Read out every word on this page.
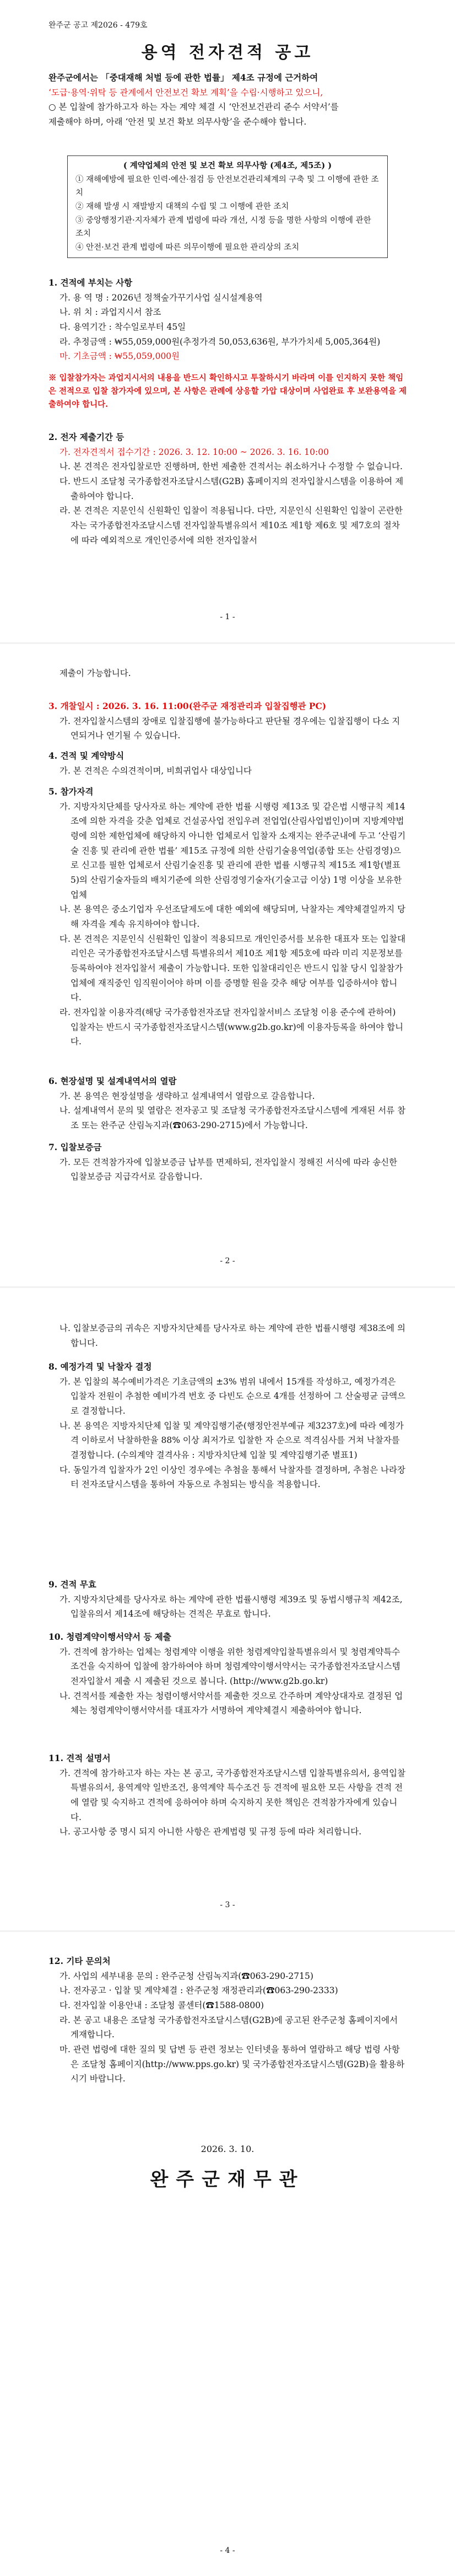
완주군 공고 제2026 - 479호
용역 전자견적 공고

완주군에서는 「중대재해 처벌 등에 관한 법률」 제4조 규정에 근거하여

‘도급·용역·위탁 등 관계에서 안전보건 확보 계획’을 수립·시행하고 있으니,

○ 본 입찰에 참가하고자 하는 자는 계약 체결 시 ‘안전보건관리 준수 서약서’를

제출해야 하며, 아래 ‘안전 및 보건 확보 의무사항’을 준수해야 합니다.

( 계약업체의 안전 및 보건 확보 의무사항 (제4조, 제5조) )
① 재해예방에 필요한 인력·예산·점검 등 안전보건관리체계의 구축 및 그 이행에 관한 조치
② 재해 발생 시 재발방지 대책의 수립 및 그 이행에 관한 조치
③ 중앙행정기관·지자체가 관계 법령에 따라 개선, 시정 등을 명한 사항의 이행에 관한 조치
④ 안전·보건 관계 법령에 따른 의무이행에 필요한 관리상의 조치

1. 견적에 부치는 사항

가. 용 역 명 : 2026년 정책숲가꾸기사업 실시설계용역

나. 위 치 : 과업지시서 참조

다. 용역기간 : 착수일로부터 45일

라. 추정금액 : ₩55,059,000원(추정가격 50,053,636원, 부가가치세 5,005,364원)

마. 기초금액 : ₩55,059,000원

※ 입찰참가자는 과업지시서의 내용을 반드시 확인하시고 투찰하시기 바라며 이를 인지하지 못한 책임은 전적으로 입찰 참가자에 있으며, 본 사항은 관례에 상응할 가압 대상이며 사업완료 후 보완용역을 제출하여야 합니다.

2. 전자 제출기간 등

가. 전자견적서 접수기간 : 2026. 3. 12. 10:00 ~ 2026. 3. 16. 10:00

나. 본 견적은 전자입찰로만 진행하며, 한번 제출한 견적서는 취소하거나 수정할 수 없습니다.

다. 반드시 조달청 국가종합전자조달시스템(G2B) 홈페이지의 전자입찰시스템을 이용하여 제출하여야 합니다.

라. 본 견적은 지문인식 신원확인 입찰이 적용됩니다. 다만, 지문인식 신원확인 입찰이 곤란한 자는 국가종합전자조달시스템 전자입찰특별유의서 제10조 제1항 제6호 및 제7호의 절차에 따라 예외적으로 개인인증서에 의한 전자입찰서

- 1 -

제출이 가능합니다.

3. 개찰일시 : 2026. 3. 16. 11:00(완주군 재정관리과 입찰집행관 PC)

가. 전자입찰시스템의 장애로 입찰집행에 불가능하다고 판단될 경우에는 입찰집행이 다소 지연되거나 연기될 수 있습니다.

4. 견적 및 계약방식

가. 본 견적은 수의견적이며, 비희귀업사 대상입니다

5. 참가자격

가. 지방자치단체를 당사자로 하는 계약에 관한 법률 시행령 제13조 및 같은법 시행규칙 제14조에 의한 자격을 갖춘 업체로 건설공사업 전입우려 전업업(산림사업법인)이며 지방계약법령에 의한 제한업체에 해당하지 아니한 업체로서 입찰자 소재지는 완주군내에 두고 ‘산림기술 진흥 및 관리에 관한 법률’ 제15조 규정에 의한 산림기술용역업(종합 또는 산림경영)으로 신고를 필한 업체로서 산림기술진흥 및 관리에 관한 법률 시행규칙 제15조 제1항(별표 5)의 산림기술자들의 배치기준에 의한 산림경영기술자(기술고급 이상) 1명 이상을 보유한 업체

나. 본 용역은 중소기업자 우선조달제도에 대한 예외에 해당되며, 낙찰자는 계약체결일까지 당해 자격을 계속 유지하여야 합니다.

다. 본 견적은 지문인식 신원확인 입찰이 적용되므로 개인인증서를 보유한 대표자 또는 입찰대리인은 국가종합전자조달시스템 특별유의서 제10조 제1항 제5호에 따라 미리 지문정보를 등록하여야 전자입찰서 제출이 가능합니다. 또한 입찰대리인은 반드시 입찰 당시 입찰참가업체에 재직중인 임직원이어야 하며 이를 증명할 원을 갖추 해당 여부를 입증하셔야 합니다.

라. 전자입찰 이용자격(해당 국가종합전자조달 전자입찰서비스 조달청 이용 준수에 관하여) 입찰자는 반드시 국가종합전자조달시스템(www.g2b.go.kr)에 이용자등록을 하여야 합니다.

6. 현장설명 및 설계내역서의 열람

가. 본 용역은 현장설명을 생략하고 설계내역서 열람으로 갈음합니다.

나. 설계내역서 문의 및 열람은 전자공고 및 조달청 국가종합전자조달시스템에 게재된 서류 참조 또는 완주군 산림녹지과(☎063-290-2715)에서 가능합니다.

7. 입찰보증금

가. 모든 견적참가자에 입찰보증금 납부를 면제하되, 전자입찰시 정해진 서식에 따라 송신한 입찰보증금 지급각서로 갈음합니다.

- 2 -

나. 입찰보증금의 귀속은 지방자치단체를 당사자로 하는 계약에 관한 법률시행령 제38조에 의합니다.

8. 예정가격 및 낙찰자 결정

가. 본 입찰의 복수예비가격은 기초금액의 ±3% 범위 내에서 15개를 작성하고, 예정가격은 입찰자 전원이 추첨한 예비가격 번호 중 다빈도 순으로 4개를 선정하여 그 산술평균 금액으로 결정합니다.

나. 본 용역은 지방자치단체 입찰 및 계약집행기준(행정안전부예규 제3237호)에 따라 예정가격 이하로서 낙찰하한율 88% 이상 최저가로 입찰한 자 순으로 적격심사를 거쳐 낙찰자를 결정합니다. (수의계약 결격사유 : 지방자치단체 입찰 및 계약집행기준 별표1)

다. 동일가격 입찰자가 2인 이상인 경우에는 추첨을 통해서 낙찰자를 결정하며, 추첨은 나라장터 전자조달시스템을 통하여 자동으로 추첨되는 방식을 적용합니다.

9. 견적 무효

가. 지방자치단체를 당사자로 하는 계약에 관한 법률시행령 제39조 및 동법시행규칙 제42조, 입찰유의서 제14조에 해당하는 견적은 무효로 합니다.

10. 청렴계약이행서약서 등 제출

가. 견적에 참가하는 업체는 청렴계약 이행을 위한 청렴계약입찰특별유의서 및 청렴계약특수조건을 숙지하여 입찰에 참가하여야 하며 청렴계약이행서약서는 국가종합전자조달시스템 전자입찰서 제출 시 제출된 것으로 봅니다. (http://www.g2b.go.kr)

나. 견적서를 제출한 자는 청렴이행서약서를 제출한 것으로 간주하며 계약상대자로 결정된 업체는 청렴계약이행서약서를 대표자가 서명하여 계약체결시 제출하여야 합니다.

11. 견적 설명서

가. 견적에 참가하고자 하는 자는 본 공고, 국가종합전자조달시스템 입찰특별유의서, 용역입찰 특별유의서, 용역계약 일반조건, 용역계약 특수조건 등 견적에 필요한 모든 사항을 견적 전에 열람 및 숙지하고 견적에 응하여야 하며 숙지하지 못한 책임은 견적참가자에게 있습니다.

나. 공고사항 중 명시 되지 아니한 사항은 관계법령 및 규정 등에 따라 처리합니다.

- 3 -

12. 기타 문의처

가. 사업의 세부내용 문의 : 완주군청 산림녹지과(☎063-290-2715)

나. 전자공고 · 입찰 및 계약체결 : 완주군청 재정관리과(☎063-290-2333)

다. 전자입찰 이용안내 : 조달청 콜센터(☎1588-0800)

라. 본 공고 내용은 조달청 국가종합전자조달시스템(G2B)에 공고된 완주군청 홈페이지에서 게재합니다.

마. 관련 법령에 대한 질의 및 답변 등 관련 정보는 인터넷을 통하여 열람하고 해당 법령 사항은 조달청 홈페이지(http://www.pps.go.kr) 및 국가종합전자조달시스템(G2B)을 활용하시기 바랍니다.

2026. 3. 10.
완주군재무관
- 4 -
